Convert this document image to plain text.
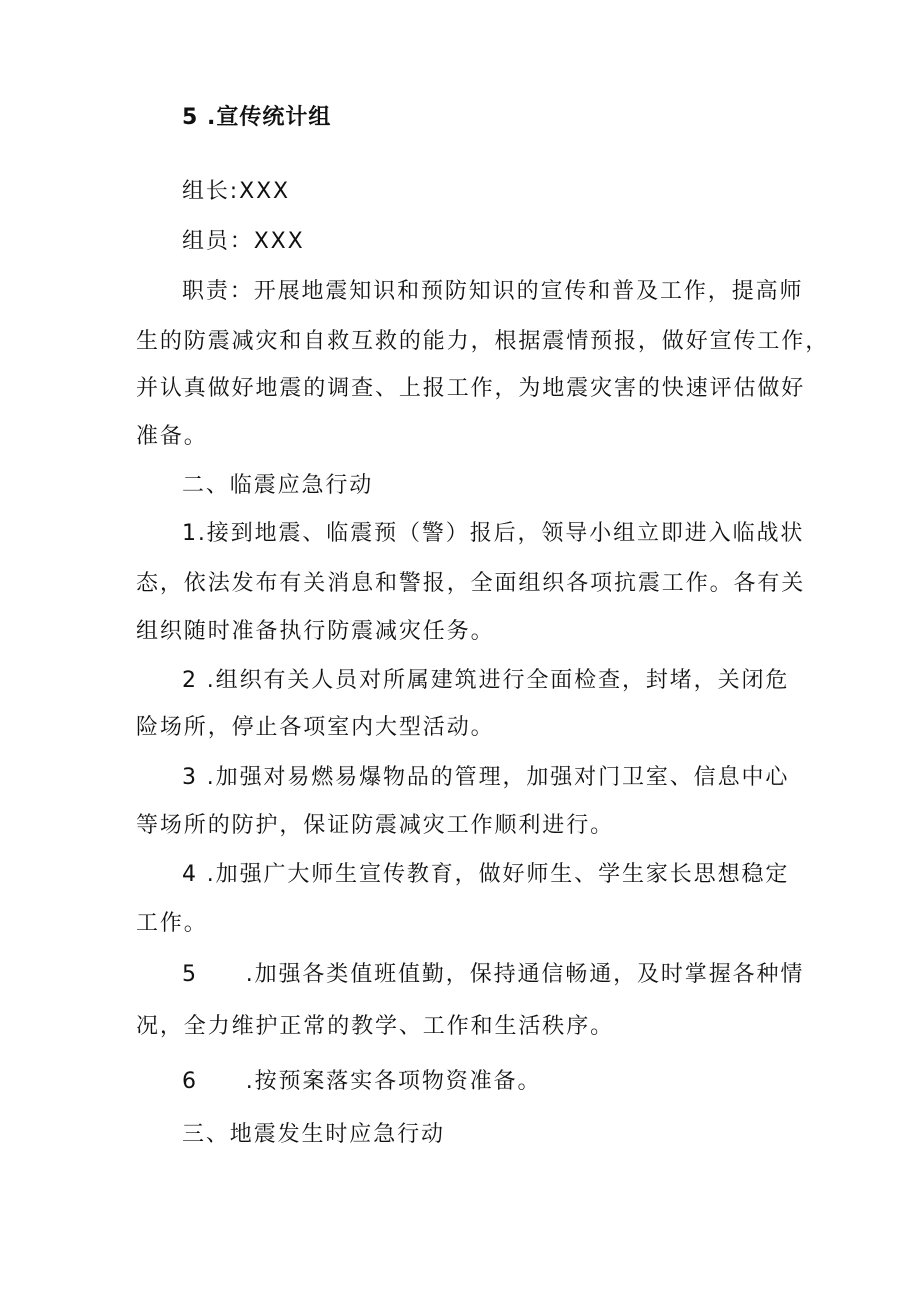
5 .宣传统计组
组长:XXX
组员：XXX
职责：开展地震知识和预防知识的宣传和普及工作，提高师
生的防震减灾和自救互救的能力，根据震情预报，做好宣传工作，
并认真做好地震的调查、上报工作，为地震灾害的快速评估做好
准备。
二、临震应急行动
1.接到地震、临震预（警）报后，领导小组立即进入临战状
态，依法发布有关消息和警报，全面组织各项抗震工作。各有关
组织随时准备执行防震减灾任务。
2 .组织有关人员对所属建筑进行全面检查，封堵，关闭危
险场所，停止各项室内大型活动。
3 .加强对易燃易爆物品的管理，加强对门卫室、信息中心
等场所的防护，保证防震减灾工作顺利进行。
4 .加强广大师生宣传教育，做好师生、学生家长思想稳定
工作。
5　　.加强各类值班值勤，保持通信畅通，及时掌握各种情
况，全力维护正常的教学、工作和生活秩序。
6　　.按预案落实各项物资准备。
三、地震发生时应急行动
